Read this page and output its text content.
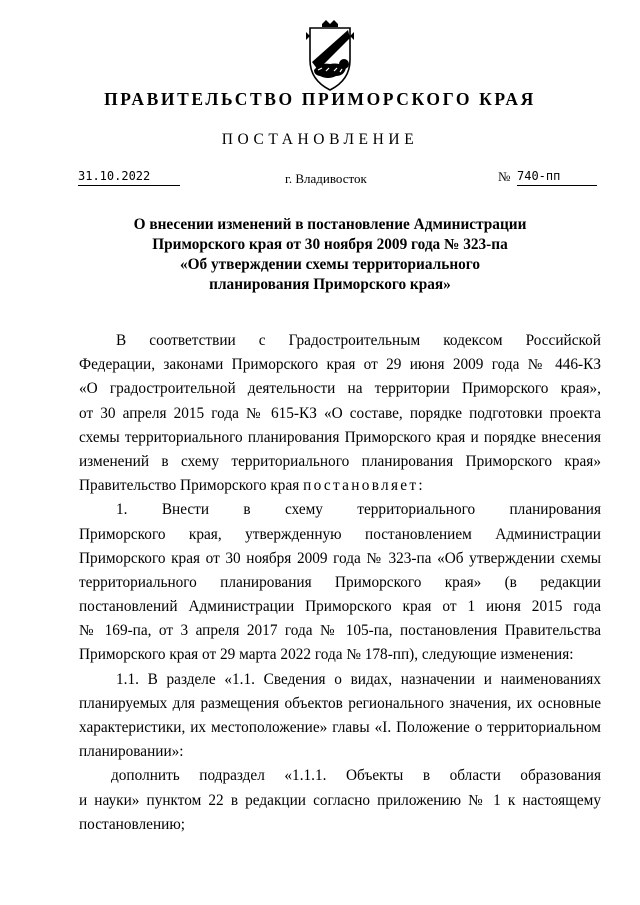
ПРАВИТЕЛЬСТВО ПРИМОРСКОГО КРАЯ
ПОСТАНОВЛЕНИЕ
31.10.2022	г. Владивосток	№ 740-пп
О внесении изменений в постановление Администрации
Приморского края от 30 ноября 2009 года № 323-па
«Об утверждении схемы территориального
планирования Приморского края»
В соответствии с Градостроительным кодексом Российской
Федерации, законами Приморского края от 29 июня 2009 года № 446-КЗ
«О градостроительной деятельности на территории Приморского края»,
от 30 апреля 2015 года № 615-КЗ «О составе, порядке подготовки проекта
схемы территориального планирования Приморского края и порядке внесения
изменений в схему территориального планирования Приморского края»
Правительство Приморского края постановляет:
1. Внести в схему территориального планирования
Приморского края, утвержденную постановлением Администрации
Приморского края от 30 ноября 2009 года № 323-па «Об утверждении схемы
территориального планирования Приморского края» (в редакции
постановлений Администрации Приморского края от 1 июня 2015 года
№ 169-па, от 3 апреля 2017 года № 105-па, постановления Правительства
Приморского края от 29 марта 2022 года № 178-пп), следующие изменения:
1.1. В разделе «1.1. Сведения о видах, назначении и наименованиях
планируемых для размещения объектов регионального значения, их основные
характеристики, их местоположение» главы «I. Положение о территориальном
планировании»:
дополнить подраздел «1.1.1. Объекты в области образования
и науки» пунктом 22 в редакции согласно приложению № 1 к настоящему
постановлению;
